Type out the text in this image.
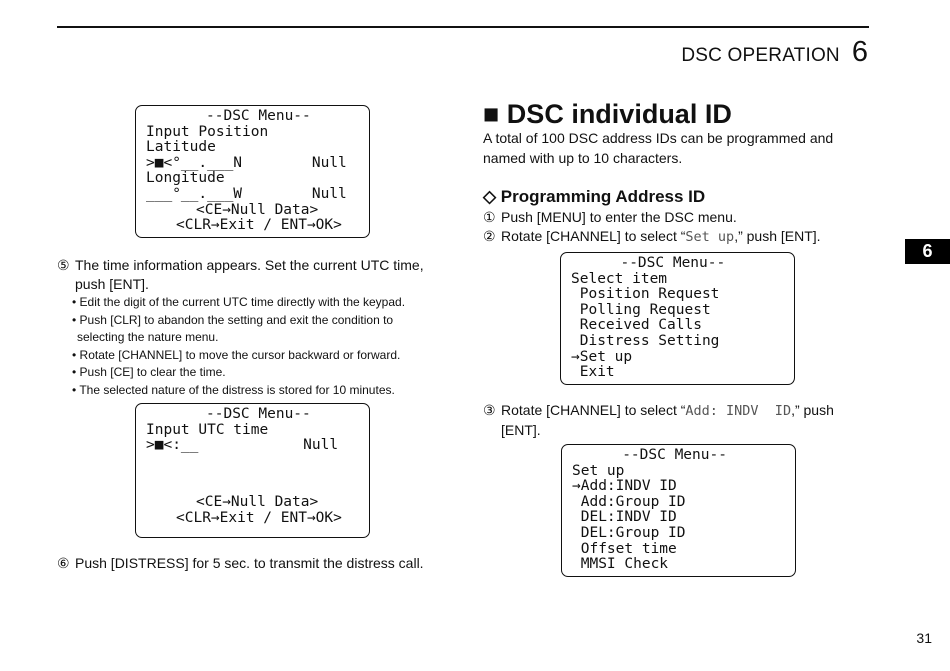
DSC OPERATION 6
6
31
--DSC Menu--
Input Position
Latitude
>■<°__.___N        Null
Longitude
___°__.___W        Null
<CE→Null Data>
<CLR→Exit / ENT→OK>
⑤ The time information appears. Set the current UTC time, push [ENT].
• Edit the digit of the current UTC time directly with the keypad.
• Push [CLR] to abandon the setting and exit the condition to selecting the nature menu.
• Rotate [CHANNEL] to move the cursor backward or forward.
• Push [CE] to clear the time.
• The selected nature of the distress is stored for 10 minutes.
--DSC Menu--
Input UTC time
>■<:__            Null
<CE→Null Data>
<CLR→Exit / ENT→OK>
⑥ Push [DISTRESS] for 5 sec. to transmit the distress call.
■ DSC individual ID
A total of 100 DSC address IDs can be programmed and named with up to 10 characters.
◇ Programming Address ID
① Push [MENU] to enter the DSC menu.
② Rotate [CHANNEL] to select “Set up,” push [ENT].
--DSC Menu--
Select item
Position Request
Polling Request
Received Calls
Distress Setting
→Set up
Exit
③ Rotate [CHANNEL] to select “Add: INDV  ID,” push [ENT].
--DSC Menu--
Set up
→Add:INDV ID
Add:Group ID
DEL:INDV ID
DEL:Group ID
Offset time
MMSI Check
